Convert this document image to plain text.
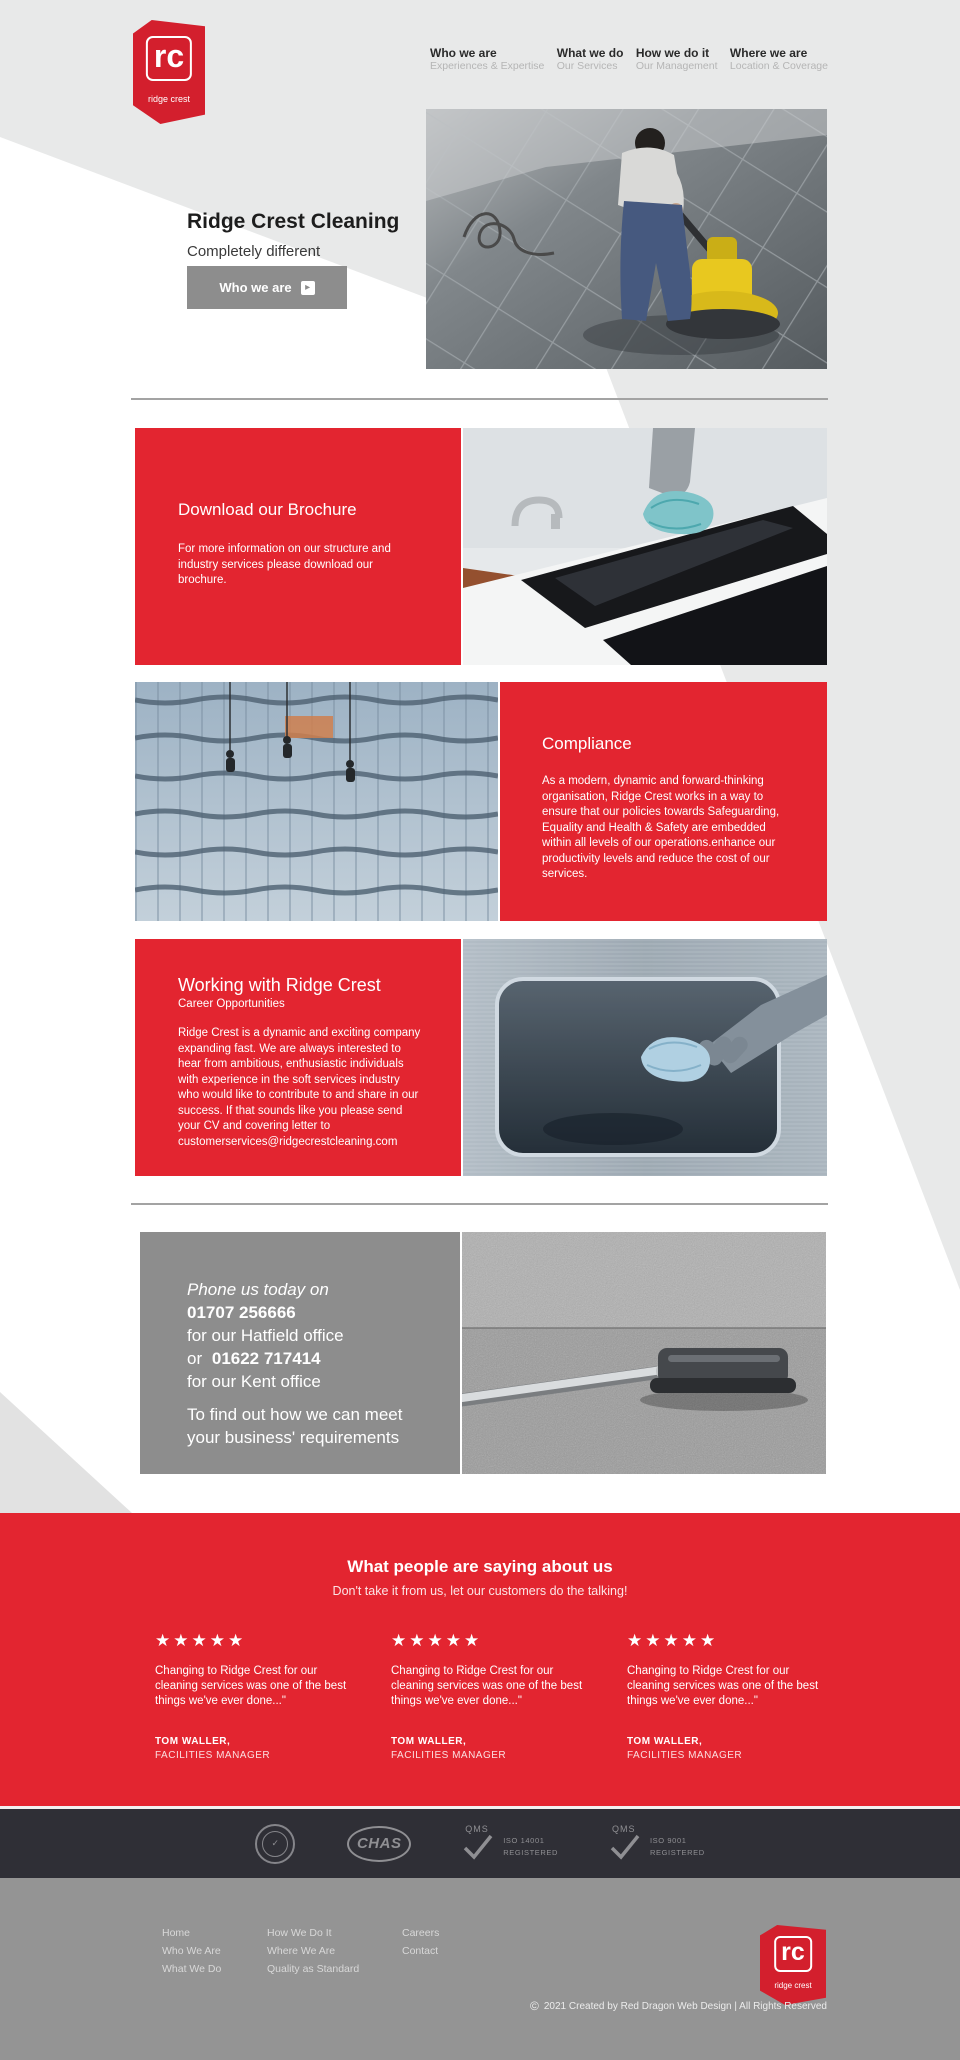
rc
ridge crest
Who we are
Experiences & Expertise
What we do
Our Services
How we do it
Our Management
Where we are
Location & Coverage
Ridge Crest Cleaning
Completely different
Who we are	▸
Download our Brochure

For more information on our structure and industry services please download our brochure.

Compliance

As a modern, dynamic and forward-thinking organisation, Ridge Crest works in a way to ensure that our policies towards Safeguarding, Equality and Health & Safety are embedded within all levels of our operations.enhance our productivity levels and reduce the cost of our services.

Working with Ridge Crest
Career Opportunities

Ridge Crest is a dynamic and exciting company expanding fast. We are always interested to hear from ambitious, enthusiastic individuals with experience in the soft services industry who would like to contribute to and share in our success. If that sounds like you please send your CV and covering letter to customerservices@ridgecrestcleaning.com

Phone us today on
01707 256666
for our Hatfield office
or 01622 717414
for our Kent office
To find out how we can meet
your business' requirements
What people are saying about us
Don't take it from us, let our customers do the talking!
★★★★★
Changing to Ridge Crest for our cleaning services was one of the best things we've ever done..."
TOM WALLER,
FACILITIES MANAGER
★★★★★
Changing to Ridge Crest for our cleaning services was one of the best things we've ever done..."
TOM WALLER,
FACILITIES MANAGER
★★★★★
Changing to Ridge Crest for our cleaning services was one of the best things we've ever done..."
TOM WALLER,
FACILITIES MANAGER
✓	CHAS
QMS
ISO 14001
REGISTERED
QMS
ISO 9001
REGISTERED
Home
Who We Are
What We Do
How We Do It
Where We Are
Quality as Standard
Careers
Contact	rc
ridge crest
© 2021 Created by Red Dragon Web Design | All Rights Reserved
